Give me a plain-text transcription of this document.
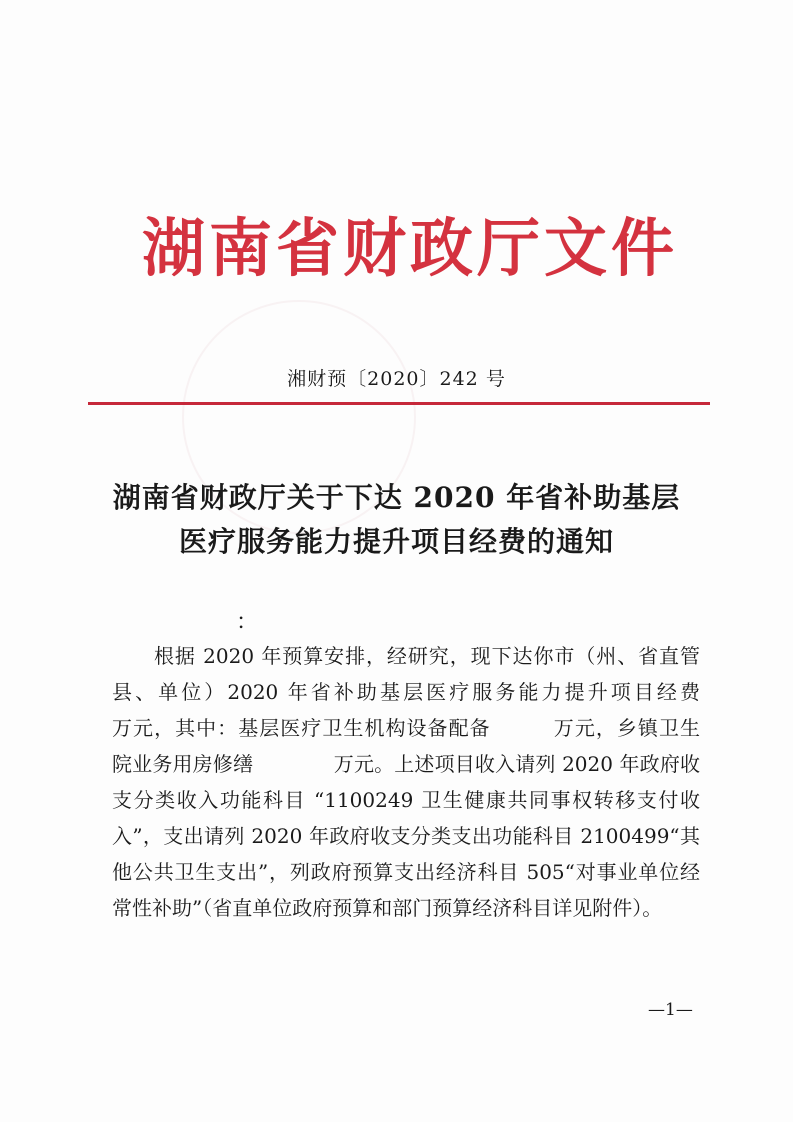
湖南省财政厅文件
湘财预〔2020〕242 号
湖南省财政厅关于下达 2020 年省补助基层
医疗服务能力提升项目经费的通知
：
根据 2020 年预算安排，经研究，现下达你市（州、省直管
县、单位）2020 年省补助基层医疗服务能力提升项目经费
万元，其中：基层医疗卫生机构设备配备　　　万元，乡镇卫生
院业务用房修缮　　　　万元。上述项目收入请列 2020 年政府收
支分类收入功能科目 “1100249 卫生健康共同事权转移支付收
入”，支出请列 2020 年政府收支分类支出功能科目 2100499“其
他公共卫生支出”，列政府预算支出经济科目 505“对事业单位经
常性补助”（省直单位政府预算和部门预算经济科目详见附件）。
—1—
